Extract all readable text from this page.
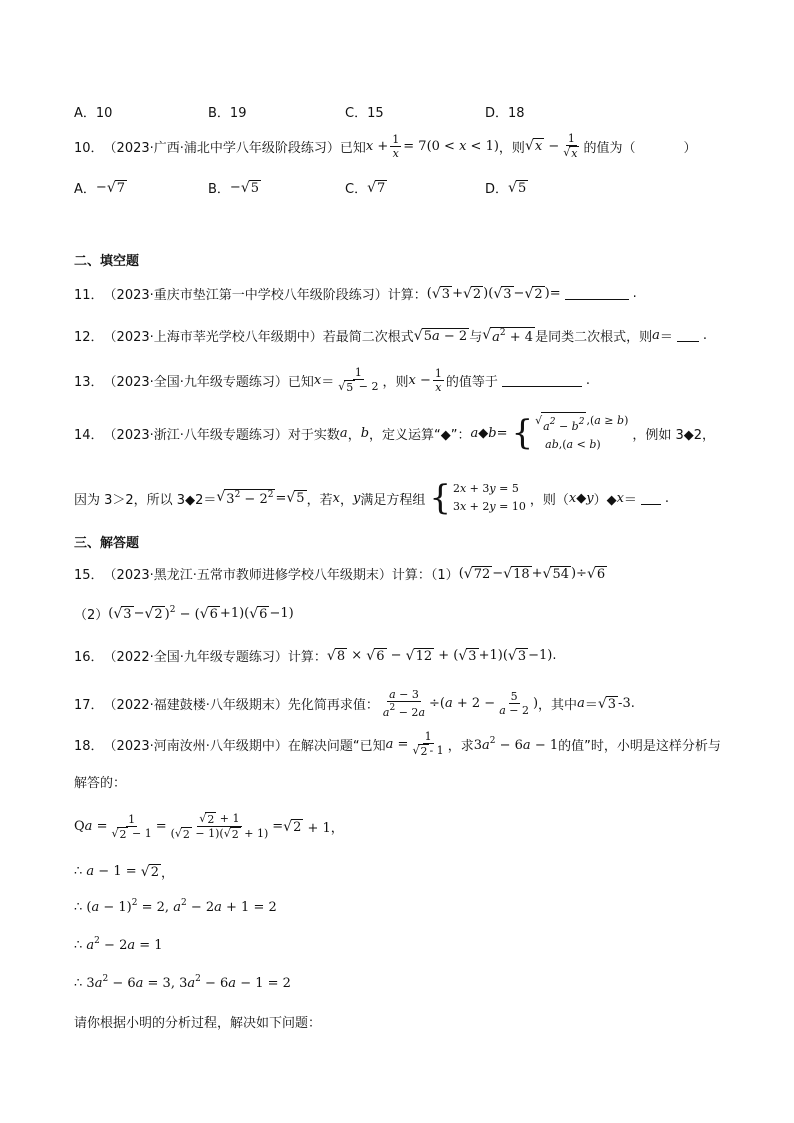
A．10	B．19	C．15	D．18
10． （2023·广西·浦北中学八年级阶段练习） 已知 $x + \frac{1}{x} = 7(0 < x < 1)$ ，则 √ $x - \frac{1}{√ x}$ 的值为（	）
A． − √ 7	B． − √ 5	C． √ 7	D． √ 5
二、填空题
11． （2023·重庆市垫江第一中学校八年级阶段练习） 计算： ( √ 3 + √ 2 )( √ 3 − √ 2 )=	.
12． （2023·上海市莘光学校八年级期中） 若最简二次根式 √ 5a − 2 与 √ $a^2 + 4$ 是同类二次根式，则 a ＝ .
13． （2023·全国·九年级专题练习） 已知 $x = \frac{1}{√ 5 - 2}$ ，则 $x - \frac{1}{x}$ 的值等于	.
14． （2023·浙江·八年级专题练习） 对于实数 a ， b ，定义运算“◆”： a ◆ b = { √ $a^2 - b^2$ ,(a ≥ b)
ab,(a < b)
，例如 3◆2，
因为 3＞2，所以 3◆2＝ √ $3^2 - 2^2$ = √ 5 ，若 x ， y 满足方程组 { 2x + 3y = 5
3x + 2y = 10 ，则（ x ◆ y ）◆ x ＝ .
三、解答题
15． （2023·黑龙江·五常市教师进修学校八年级期末） 计算：（1） ( √ 72 − √ 18 + √ 54 )÷ √ 6
（2） ( √ 3 − √ 2 )$^2$ − ( √ 6 +1)( √ 6 −1)
16． （2022·全国·九年级专题练习） 计算： √ 8 × √ 6 − √ 12 + ( √ 3 +1)( √ 3 −1) .
17． （2022·福建鼓楼·八年级期末） 先化简再求值： $\frac{a - 3}{a^2 - 2a} \div(a + 2 - \frac{5}{a - 2}$ ) ，其中 a ＝ √ 3 -3 .
18． （2023·河南汝州·八年级期中） 在解决问题“已知 $a = \frac{1}{√ 2 - 1}$ ，求 $3a^2 - 6a - 1$ 的值”时，小明是这样分析与
解答的：
Q $a = \frac{1}{√ 2 - 1} = \frac{√ 2 + 1}{( √ 2 - 1)( √ 2 + 1)}$ = √ 2 + 1，
∴ a − 1 = √ 2 ，
∴ $(a - 1)^2 = 2$, $a^2 - 2a + 1 = 2$
∴ $a^2 - 2a = 1$
∴ $3a^2 - 6a = 3$, $3a^2 - 6a - 1 = 2$
请你根据小明的分析过程，解决如下问题：
